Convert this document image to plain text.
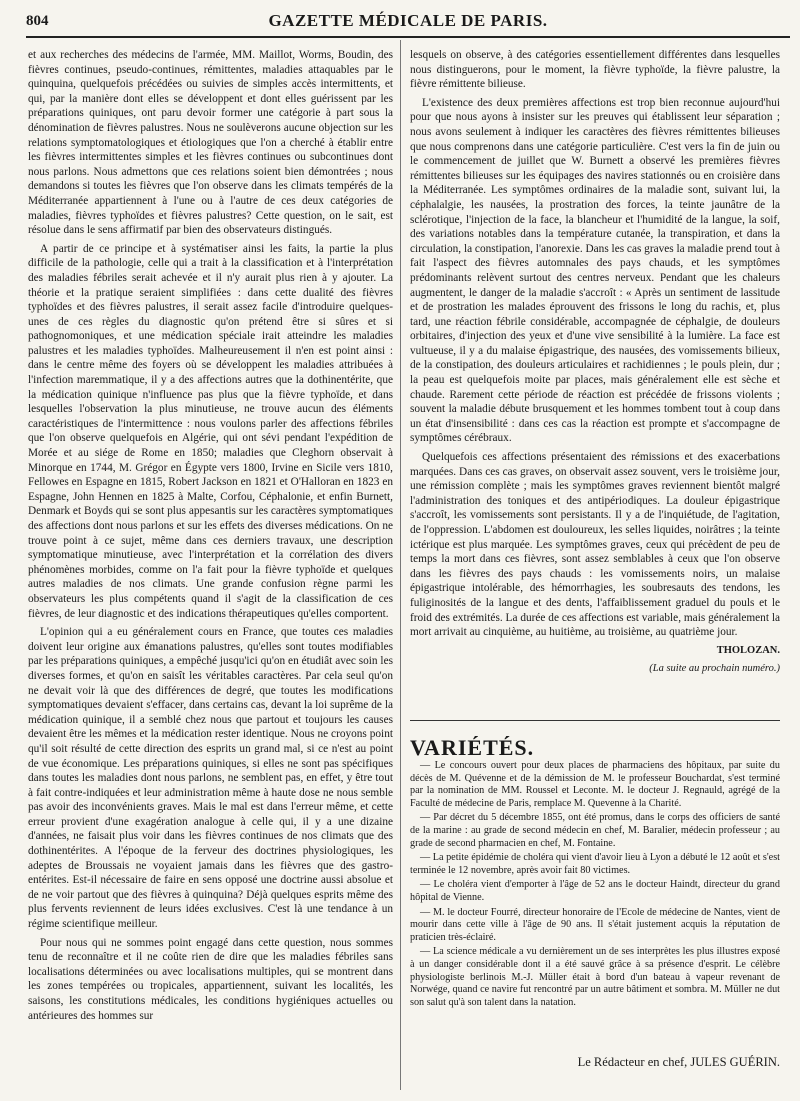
804	GAZETTE MÉDICALE DE PARIS.

et aux recherches des médecins de l'armée, MM. Maillot, Worms, Boudin, des fièvres continues, pseudo-continues, rémittentes, maladies attaquables par le quinquina, quelquefois précédées ou suivies de simples accès intermittents, et qui, par la manière dont elles se développent et dont elles guérissent par les préparations quiniques, ont paru devoir former une catégorie à part sous la dénomination de fièvres palustres. Nous ne soulèverons aucune objection sur les relations symptomatologiques et étiologiques que l'on a cherché à établir entre les fièvres intermittentes simples et les fièvres continues ou subcontinues dont nous parlons. Nous admettons que ces relations soient bien démontrées ; nous demandons si toutes les fièvres que l'on observe dans les climats tempérés de la Méditerranée appartiennent à l'une ou à l'autre de ces deux catégories de maladies, fièvres typhoïdes et fièvres palustres? Cette question, on le sait, est résolue dans le sens affirmatif par bien des observateurs distingués.

A partir de ce principe et à systématiser ainsi les faits, la partie la plus difficile de la pathologie, celle qui a trait à la classification et à l'interprétation des maladies fébriles serait achevée et il n'y aurait plus rien à y ajouter. La théorie et la pratique seraient simplifiées : dans cette dualité des fièvres typhoïdes et des fièvres palustres, il serait assez facile d'introduire quelques-unes de ces règles du diagnostic qu'on prétend être si sûres et si pathognomoniques, et une médication spéciale irait atteindre les maladies palustres et les maladies typhoïdes. Malheureusement il n'en est point ainsi : dans le centre même des foyers où se développent les maladies attribuées à l'infection maremmatique, il y a des affections autres que la dothinentérite, que la médication quinique n'influence pas plus que la fièvre typhoïde, et dans lesquelles l'observation la plus minutieuse, ne trouve aucun des éléments caractéristiques de l'intermittence : nous voulons parler des affections fébriles que l'on observe quelquefois en Algérie, qui ont sévi pendant l'expédition de Morée et au siége de Rome en 1850; maladies que Cleghorn observait à Minorque en 1744, M. Grégor en Égypte vers 1800, Irvine en Sicile vers 1810, Fellowes en Espagne en 1815, Robert Jackson en 1821 et O'Halloran en 1823 en Espagne, John Hennen en 1825 à Malte, Corfou, Céphalonie, et enfin Burnett, Denmark et Boyds qui se sont plus appesantis sur les caractères symptomatiques des affections dont nous parlons et sur les effets des diverses médications. On ne trouve point à ce sujet, même dans ces derniers travaux, une description symptomatique minutieuse, avec l'interprétation et la corrélation des divers phénomènes morbides, comme on l'a fait pour la fièvre typhoïde et quelques autres maladies de nos climats. Une grande confusion règne parmi les observateurs les plus compétents quand il s'agit de la classification de ces fièvres, de leur diagnostic et des indications thérapeutiques qu'elles comportent.

L'opinion qui a eu généralement cours en France, que toutes ces maladies doivent leur origine aux émanations palustres, qu'elles sont toutes modifiables par les préparations quiniques, a empêché jusqu'ici qu'on en étudiât avec soin les diverses formes, et qu'on en saisît les véritables caractères. Par cela seul qu'on ne devait voir là que des différences de degré, que toutes les modifications symptomatiques devaient s'effacer, dans certains cas, devant la loi suprême de la médication quinique, il a semblé chez nous que partout et toujours les causes devaient être les mêmes et la médication rester identique. Nous ne croyons point qu'il soit résulté de cette direction des esprits un grand mal, si ce n'est au point de vue économique. Les préparations quiniques, si elles ne sont pas spécifiques dans toutes les maladies dont nous parlons, ne semblent pas, en effet, y être tout à fait contre-indiquées et leur administration même à haute dose ne nous semble pas avoir des inconvénients graves. Mais le mal est dans l'erreur même, et cette erreur provient d'une exagération analogue à celle qui, il y a une dizaine d'années, ne faisait plus voir dans les fièvres continues de nos climats que des dothinentérites. A l'époque de la ferveur des doctrines physiologiques, les adeptes de Broussais ne voyaient jamais dans les fièvres que des gastro-entérites. Est-il nécessaire de faire en sens opposé une doctrine aussi absolue et de ne voir partout que des fièvres à quinquina? Déjà quelques esprits même des plus fervents reviennent de leurs idées exclusives. C'est là une tendance à un régime scientifique meilleur.

Pour nous qui ne sommes point engagé dans cette question, nous sommes tenu de reconnaître et il ne coûte rien de dire que les maladies fébriles sans localisations déterminées ou avec localisations multiples, qui se montrent dans les zones tempérées ou tropicales, appartiennent, suivant les localités, les saisons, les constitutions médicales, les conditions hygiéniques actuelles ou antérieures des hommes sur

lesquels on observe, à des catégories essentiellement différentes dans lesquelles nous distinguerons, pour le moment, la fièvre typhoïde, la fièvre palustre, la fièvre rémittente bilieuse.

L'existence des deux premières affections est trop bien reconnue aujourd'hui pour que nous ayons à insister sur les preuves qui établissent leur séparation ; nous avons seulement à indiquer les caractères des fièvres rémittentes bilieuses que nous comprenons dans une catégorie particulière. C'est vers la fin de juin ou le commencement de juillet que W. Burnett a observé les premières fièvres rémittentes bilieuses sur les équipages des navires stationnés ou en croisière dans la Méditerranée. Les symptômes ordinaires de la maladie sont, suivant lui, la céphalalgie, les nausées, la prostration des forces, la teinte jaunâtre de la sclérotique, l'injection de la face, la blancheur et l'humidité de la langue, la soif, des variations notables dans la température cutanée, la transpiration, et dans la circulation, la constipation, l'anorexie. Dans les cas graves la maladie prend tout à fait l'aspect des fièvres automnales des pays chauds, et les symptômes prédominants relèvent surtout des centres nerveux. Pendant que les chaleurs augmentent, le danger de la maladie s'accroît : « Après un sentiment de lassitude et de prostration les malades éprouvent des frissons le long du rachis, et, plus tard, une réaction fébrile considérable, accompagnée de céphalgie, de douleurs orbitaires, d'injection des yeux et d'une vive sensibilité à la lumière. La face est vultueuse, il y a du malaise épigastrique, des nausées, des vomissements bilieux, de la constipation, des douleurs articulaires et rachidiennes ; le pouls plein, dur ; la peau est quelquefois moite par places, mais généralement elle est sèche et chaude. Rarement cette période de réaction est précédée de frissons violents ; souvent la maladie débute brusquement et les hommes tombent tout à coup dans un état d'insensibilité : dans ces cas la réaction est prompte et s'accompagne de symptômes cérébraux.

Quelquefois ces affections présentaient des rémissions et des exacerbations marquées. Dans ces cas graves, on observait assez souvent, vers le troisième jour, une rémission complète ; mais les symptômes graves reviennent bientôt malgré l'administration des toniques et des antipériodiques. La douleur épigastrique s'accroît, les vomissements sont persistants. Il y a de l'inquiétude, de l'agitation, de l'oppression. L'abdomen est douloureux, les selles liquides, noirâtres ; la teinte ictérique est plus marquée. Les symptômes graves, ceux qui précèdent de peu de temps la mort dans ces fièvres, sont assez semblables à ceux que l'on observe dans les fièvres des pays chauds : les vomissements noirs, un malaise épigastrique intolérable, des hémorrhagies, les soubresauts des tendons, les fuliginosités de la langue et des dents, l'affaiblissement graduel du pouls et le froid des extrémités. La durée de ces affections est variable, mais généralement la mort arrivait au cinquième, au huitième, au troisième, au quatrième jour.

THOLOZAN.

(La suite au prochain numéro.)

VARIÉTÉS.

— Le concours ouvert pour deux places de pharmaciens des hôpitaux, par suite du décès de M. Quévenne et de la démission de M. le professeur Bouchardat, s'est terminé par la nomination de MM. Roussel et Leconte. M. le docteur J. Regnauld, agrégé de la Faculté de médecine de Paris, remplace M. Quevenne à la Charité.

— Par décret du 5 décembre 1855, ont été promus, dans le corps des officiers de santé de la marine : au grade de second médecin en chef, M. Baralier, médecin professeur ; au grade de second pharmacien en chef, M. Fontaine.

— La petite épidémie de choléra qui vient d'avoir lieu à Lyon a débuté le 12 août et s'est terminée le 12 novembre, après avoir fait 80 victimes.

— Le choléra vient d'emporter à l'âge de 52 ans le docteur Haindt, directeur du grand hôpital de Vienne.

— M. le docteur Fourré, directeur honoraire de l'Ecole de médecine de Nantes, vient de mourir dans cette ville à l'âge de 90 ans. Il s'était justement acquis la réputation de praticien très-éclairé.

— La science médicale a vu dernièrement un de ses interprètes les plus illustres exposé à un danger considérable dont il a été sauvé grâce à sa présence d'esprit. Le célèbre physiologiste berlinois M.-J. Müller était à bord d'un bateau à vapeur revenant de Norwége, quand ce navire fut rencontré par un autre bâtiment et sombra. M. Müller ne dut son salut qu'à son talent dans la natation.

Le Rédacteur en chef, JULES GUÉRIN.
